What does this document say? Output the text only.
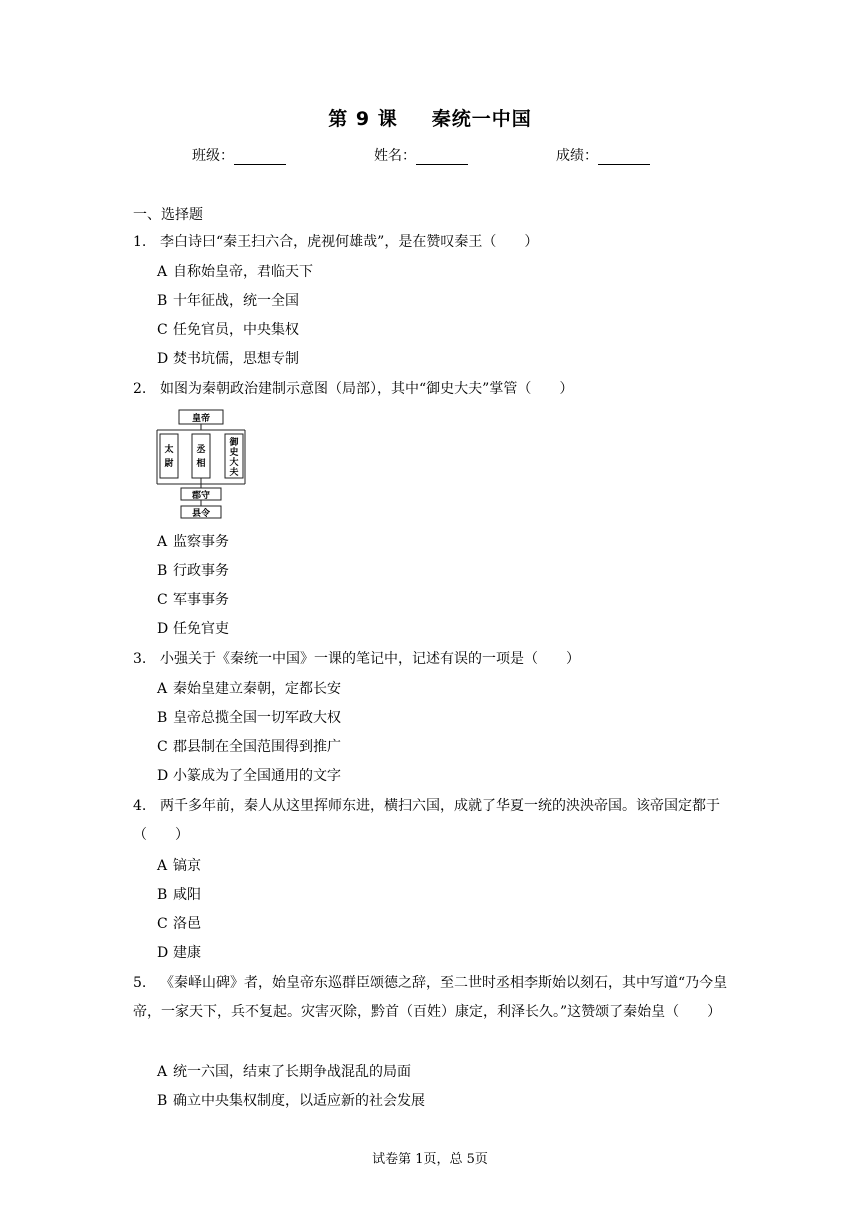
第 9 课 秦统一中国
班级：	姓名：	成绩：
一、选择题
1. 李白诗曰“秦王扫六合，虎视何雄哉”，是在赞叹秦王（　　）
A 自称始皇帝，君临天下
B 十年征战，统一全国
C 任免官员，中央集权
D 焚书坑儒，思想专制
2. 如图为秦朝政治建制示意图（局部），其中“御史大夫”掌管（　　）
皇帝
太
尉
丞
相
御
史
大
夫
郡守
县令
A 监察事务
B 行政事务
C 军事事务
D 任免官吏
3. 小强关于《秦统一中国》一课的笔记中，记述有误的一项是（　　）
A 秦始皇建立秦朝，定都长安
B 皇帝总揽全国一切军政大权
C 郡县制在全国范围得到推广
D 小篆成为了全国通用的文字
4. 两千多年前，秦人从这里挥师东进，横扫六国，成就了华夏一统的泱泱帝国。该帝国定都于（　　）
A 镐京
B 咸阳
C 洛邑
D 建康
5. 《秦峄山碑》者，始皇帝东巡群臣颂德之辞，至二世时丞相李斯始以刻石，其中写道“乃今皇帝，一家天下，兵不复起。灾害灭除，黔首（百姓）康定，利泽长久。”这赞颂了秦始皇（　　）
A 统一六国，结束了长期争战混乱的局面
B 确立中央集权制度，以适应新的社会发展
试卷第 1页，总 5页
